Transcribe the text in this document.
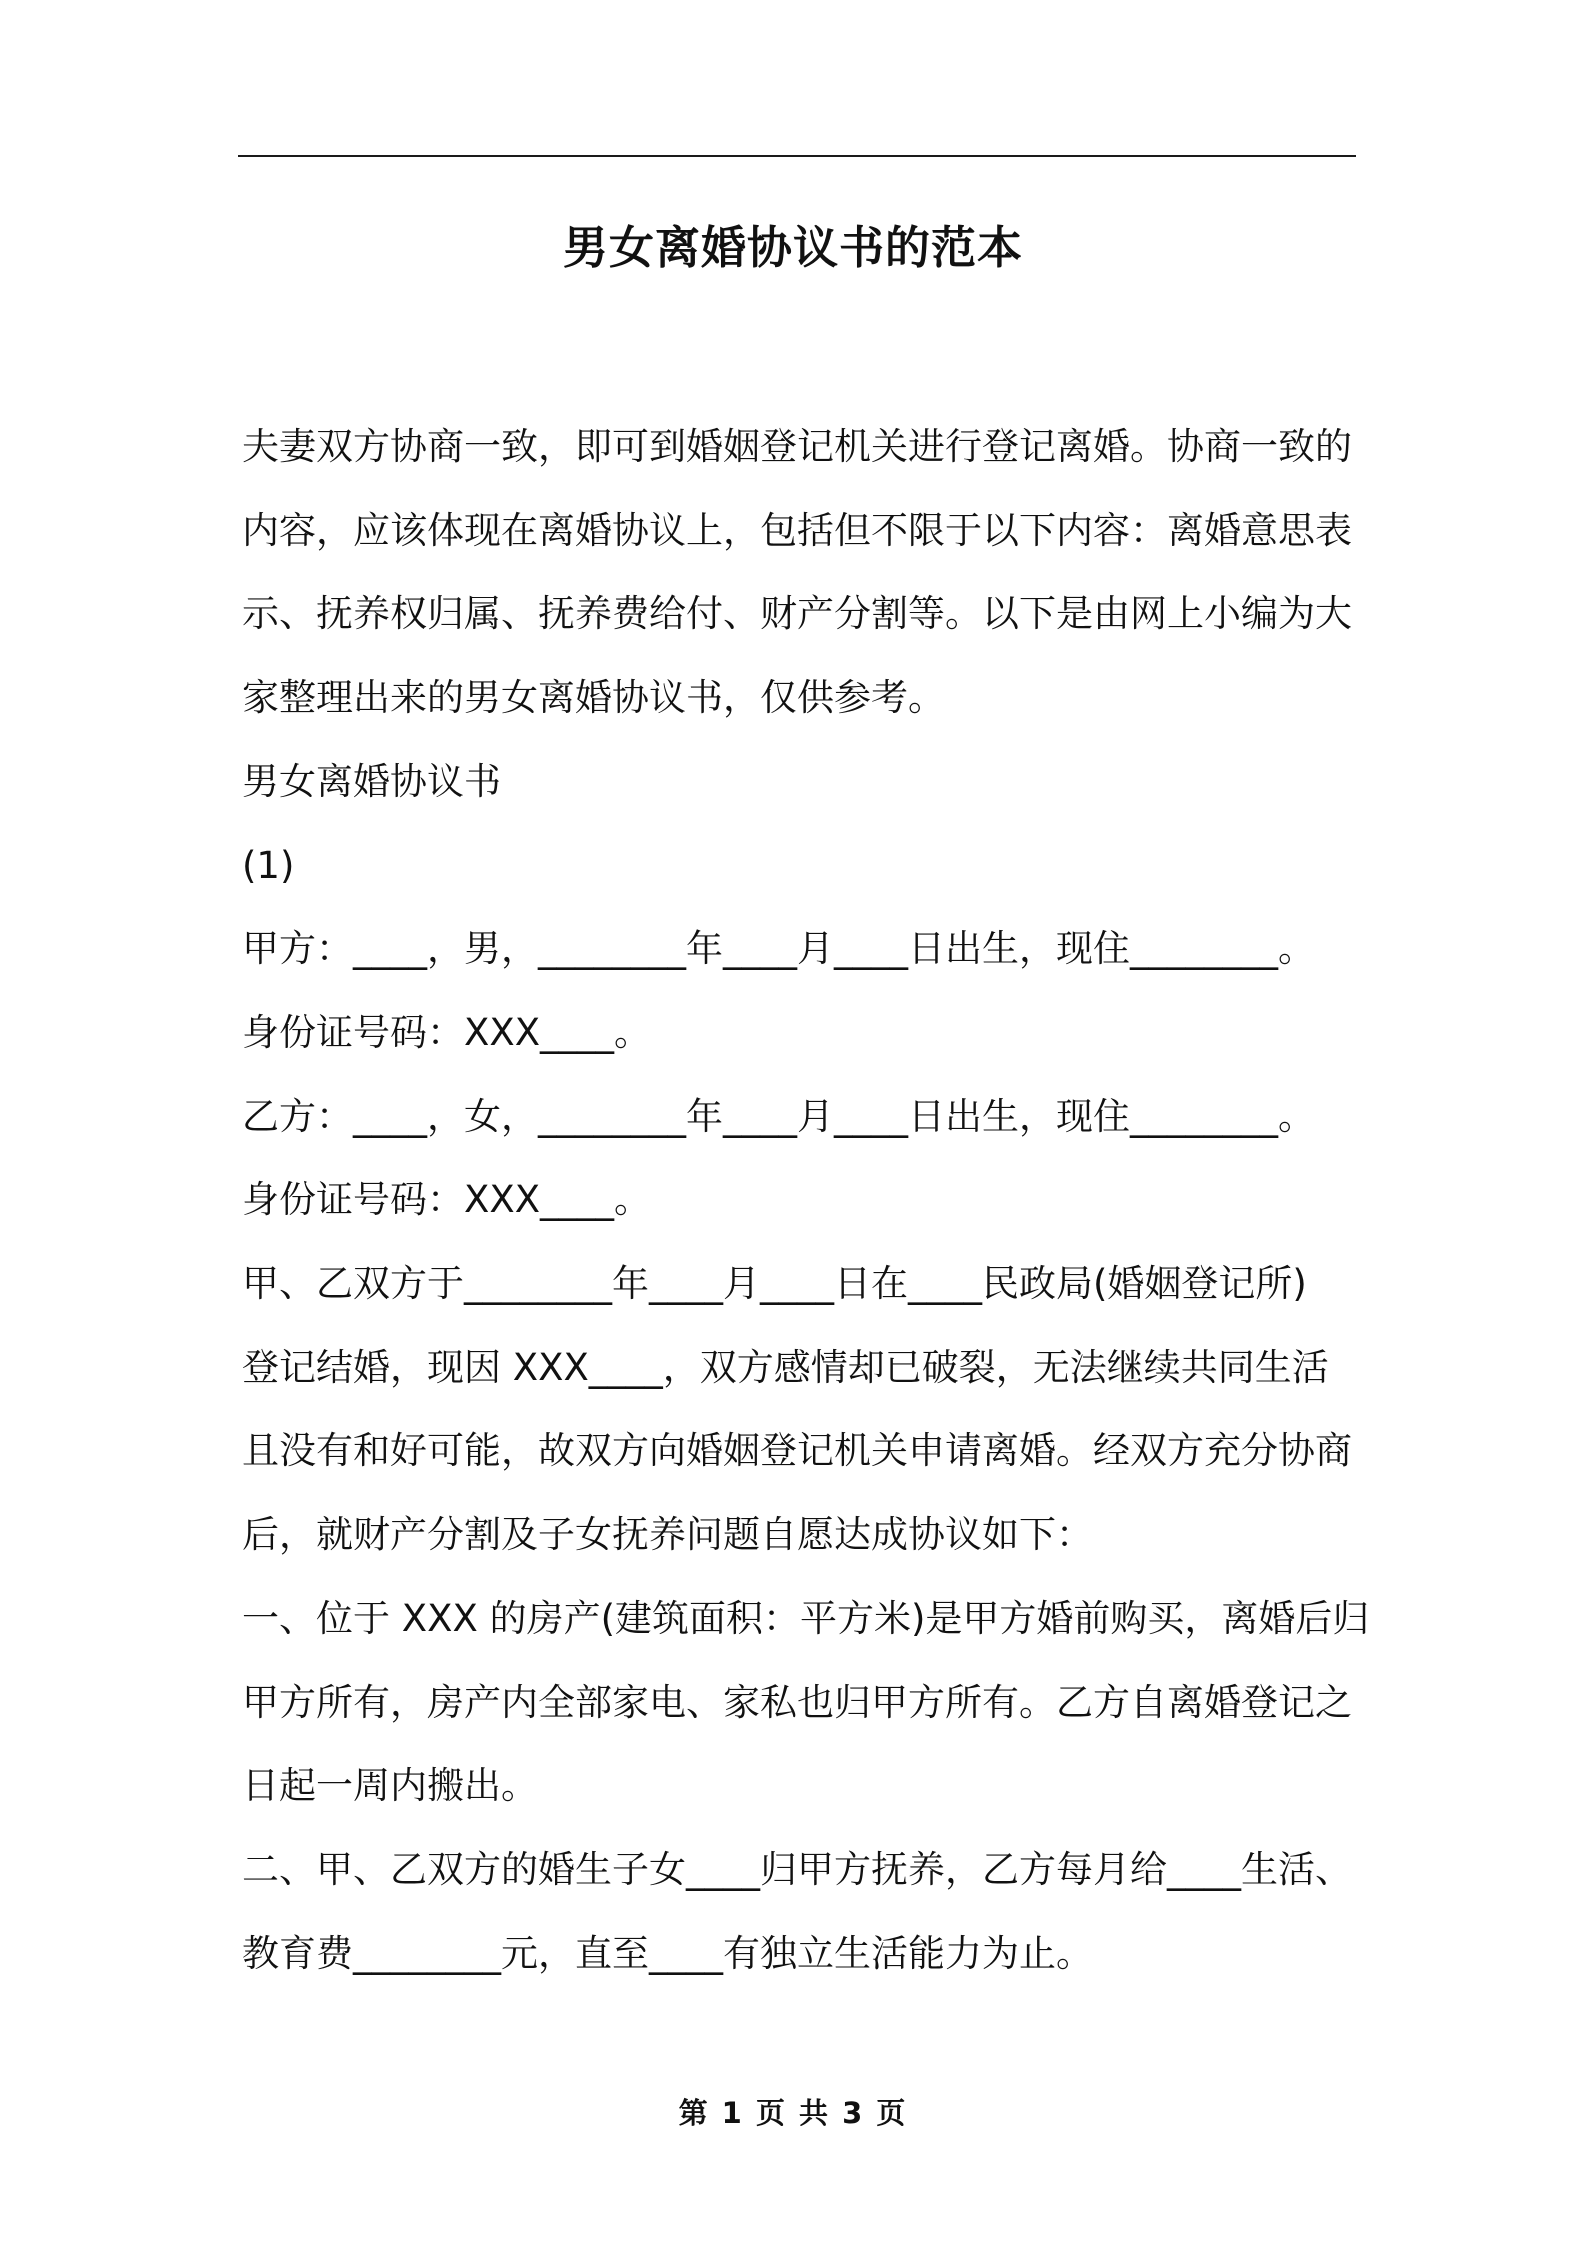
男女离婚协议书的范本
夫妻双方协商一致，即可到婚姻登记机关进行登记离婚。协商一致的
内容，应该体现在离婚协议上，包括但不限于以下内容：离婚意思表
示、抚养权归属、抚养费给付、财产分割等。以下是由网上小编为大
家整理出来的男女离婚协议书，仅供参考。
男女离婚协议书
(1)
甲方：____，男，________年____月____日出生，现住________。
身份证号码：XXX____。
乙方：____，女，________年____月____日出生，现住________。
身份证号码：XXX____。
甲、乙双方于________年____月____日在____民政局(婚姻登记所)
登记结婚，现因 XXX____，双方感情却已破裂，无法继续共同生活
且没有和好可能，故双方向婚姻登记机关申请离婚。经双方充分协商
后，就财产分割及子女抚养问题自愿达成协议如下：
一、位于 XXX 的房产(建筑面积：平方米)是甲方婚前购买，离婚后归
甲方所有，房产内全部家电、家私也归甲方所有。乙方自离婚登记之
日起一周内搬出。
二、甲、乙双方的婚生子女____归甲方抚养，乙方每月给____生活、
教育费________元，直至____有独立生活能力为止。
第 1 页 共 3 页
